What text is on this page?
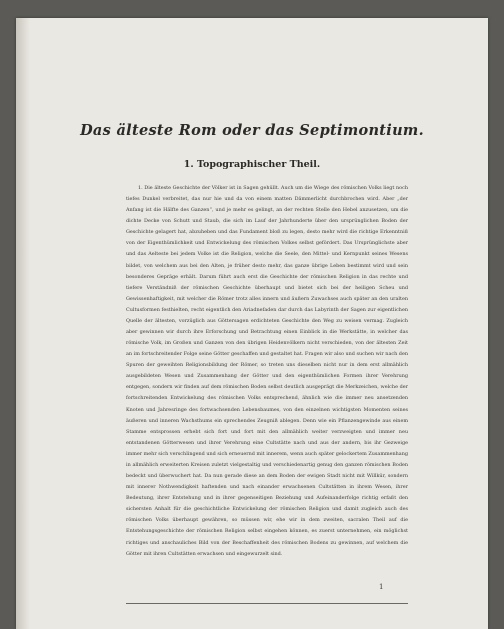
Das älteste Rom oder das Septimontium.
1. Topographischer Theil.
1. Die älteste Geschichte der Völker ist in Sagen gehüllt. Auch um die Wiege des römischen Volks liegt noch tiefes Dunkel verbreitet, das nur hie und da von einem matten Dämmerlicht durchbrochen wird. Aber „der Anfang ist die Hälfte des Ganzen“, und je mehr es gelingt, an der rechten Stelle den Hebel anzusetzen, um die dichte Decke von Schutt und Staub, die sich im Lauf der Jahrhunderte über den ursprünglichen Boden der Geschichte gelagert hat, abzuheben und das Fundament bloß zu legen, desto mehr wird die richtige Erkenntniß von der Eigenthümlichkeit und Entwickelung des römischen Volkes selbst gefördert. Das Ursprünglichste aber und das Aelteste bei jedem Volke ist die Religion, welche die Seele, den Mittel- und Kernpunkt seines Wesens bildet, von welchem aus bei den Alten, je früher desto mehr, das ganze übrige Leben bestimmt wird und sein besonderes Gepräge erhält. Darum führt auch erst die Geschichte der römischen Religion in das rechte und tiefere Verständniß der römischen Geschichte überhaupt und bietet sich bei der heiligen Scheu und Gewissenhaftigkeit, mit welcher die Römer trotz alles innern und äußern Zuwachses auch später an den uralten Cultusformen festhielten, recht eigentlich den Ariadnefaden dar durch das Labyrinth der Sagen zur eigentlichen Quelle der ältesten, vorzüglich aus Göttersagen erdichteten Geschichte den Weg zu weisen vermag. Zugleich aber gewinnen wir durch ihre Erforschung und Betrachtung einen Einblick in die Werkstätte, in welcher das römische Volk, im Großen und Ganzen von den übrigen Heidenvölkern nicht verschieden, von der ältesten Zeit an im fortschreitender Folge seine Götter geschaffen und gestaltet hat. Fragen wir also und suchen wir nach den Spuren der geweihten Religionsbildung der Römer, so treten uns dieselben nicht nur in dem erst allmählich ausgebildeten Wesen und Zusammenhang der Götter und den eigenthümlichen Formen ihrer Verehrung entgegen, sondern wir finden auf dem römischen Boden selbst deutlich ausgeprägt die Merkzeichen, welche der fortschreitenden Entwickelung des römischen Volks entsprechend, ähnlich wie die immer neu ansetzenden Knoten und Jahresringe des fortwachsenden Lebensbaumes, von den einzelnen wichtigsten Momenten seines äußeren und inneren Wachsthums ein sprechendes Zeugniß ablegen. Denn wie ein Pflanzengewinde aus einem Stamme entsprossen erhebt sich fort und fort mit den allmählich weiter verzweigten und immer neu entstandenen Götterwesen und ihrer Verehrung eine Cultstätte nach und aus der andern, bis ihr Gezweige immer mehr sich verschlingend und sich erneuernd mit innerem, wenn auch später gelockertem Zusammenhang in allmählich erweiterten Kreisen zuletzt vielgestaltig und verschiedenartig genug den ganzen römischen Boden bedeckt und überwuchert hat. Da nun gerade diese an dem Boden der ewigen Stadt nicht mit Willkür, sondern mit innerer Nothwendigkeit haftenden und nach einander erwachsenen Cultstätten in ihrem Wesen, ihrer Bedeutung, ihrer Entstehung und in ihrer gegenseitigen Beziehung und Aufeinanderfolge richtig erfaßt den sichersten Anhalt für die geschichtliche Entwickelung der römischen Religion und damit zugleich auch des römischen Volks überhaupt gewähren, so müssen wir, ehe wir in dem zweiten, sacralen Theil auf die Entstehungsgeschichte der römischen Religion selbst eingehen können, es zuerst unternehmen, ein möglichst richtiges und anschauliches Bild von der Beschaffenheit des römischen Bodens zu gewinnen, auf welchem die Götter mit ihren Cultstätten erwachsen und eingewurzelt sind.
1
